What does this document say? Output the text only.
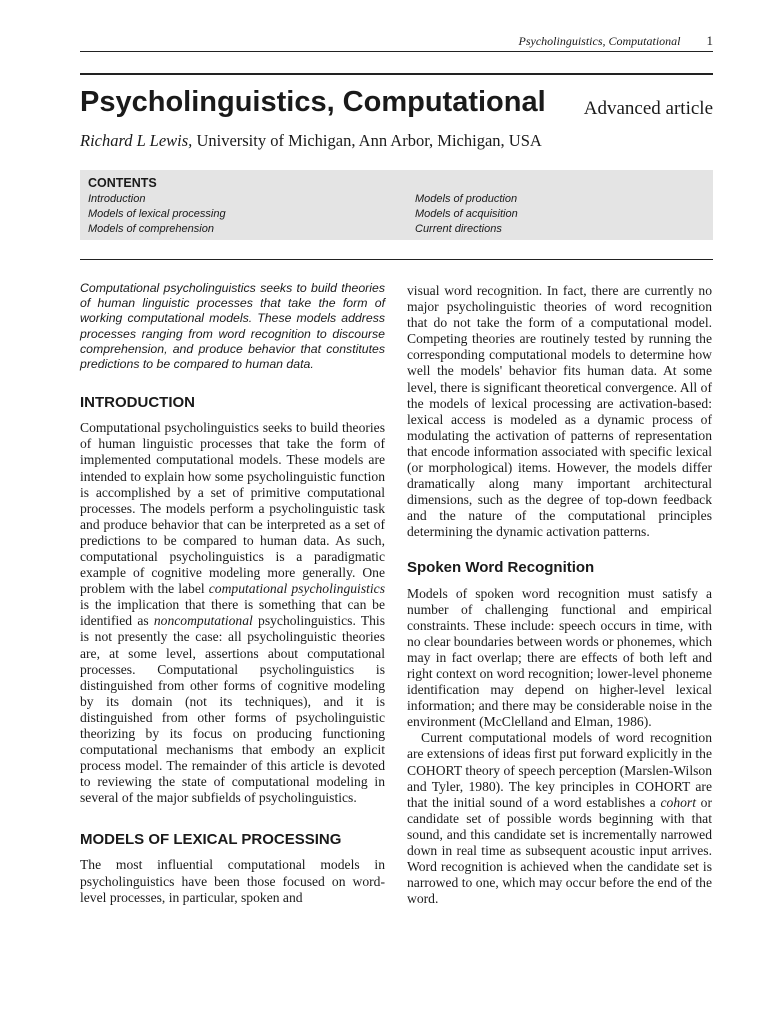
Psycholinguistics, Computational 1
Psycholinguistics, Computational Advanced article
Richard L Lewis, University of Michigan, Ann Arbor, Michigan, USA
CONTENTS
Introduction
Models of lexical processing
Models of comprehension
Models of production
Models of acquisition
Current directions

Computational psycholinguistics seeks to build theories of human linguistic processes that take the form of working computational models. These models address processes ranging from word recognition to discourse comprehension, and produce behavior that constitutes predictions to be compared to human data.

INTRODUCTION

Computational psycholinguistics seeks to build theories of human linguistic processes that take the form of implemented computational models. These models are intended to explain how some psycholinguistic function is accomplished by a set of primitive computational processes. The models perform a psycholinguistic task and produce behavior that can be interpreted as a set of predictions to be compared to human data. As such, computational psycholinguistics is a paradigmatic example of cognitive modeling more generally. One problem with the label computational psycholinguistics is the implication that there is something that can be identified as noncomputational psycholinguistics. This is not presently the case: all psycholinguistic theories are, at some level, assertions about computational processes. Computational psycholinguistics is distinguished from other forms of cognitive modeling by its domain (not its techniques), and it is distinguished from other forms of psycholinguistic theorizing by its focus on producing functioning computational mechanisms that embody an explicit process model. The remainder of this article is devoted to reviewing the state of computational modeling in several of the major subfields of psycholinguistics.

MODELS OF LEXICAL PROCESSING

The most influential computational models in psycholinguistics have been those focused on word-level processes, in particular, spoken and

visual word recognition. In fact, there are currently no major psycholinguistic theories of word recognition that do not take the form of a computational model. Competing theories are routinely tested by running the corresponding computational models to determine how well the models' behavior fits human data. At some level, there is significant theoretical convergence. All of the models of lexical processing are activation-based: lexical access is modeled as a dynamic process of modulating the activation of patterns of representation that encode information associated with specific lexical (or morphological) items. However, the models differ dramatically along many important architectural dimensions, such as the degree of top-down feedback and the nature of the computational principles determining the dynamic activation patterns.

Spoken Word Recognition

Models of spoken word recognition must satisfy a number of challenging functional and empirical constraints. These include: speech occurs in time, with no clear boundaries between words or phonemes, which may in fact overlap; there are effects of both left and right context on word recognition; lower-level phoneme identification may depend on higher-level lexical information; and there may be considerable noise in the environment (McClelland and Elman, 1986).

Current computational models of word recognition are extensions of ideas first put forward explicitly in the COHORT theory of speech perception (Marslen-Wilson and Tyler, 1980). The key principles in COHORT are that the initial sound of a word establishes a cohort or candidate set of possible words beginning with that sound, and this candidate set is incrementally narrowed down in real time as subsequent acoustic input arrives. Word recognition is achieved when the candidate set is narrowed to one, which may occur before the end of the word.
